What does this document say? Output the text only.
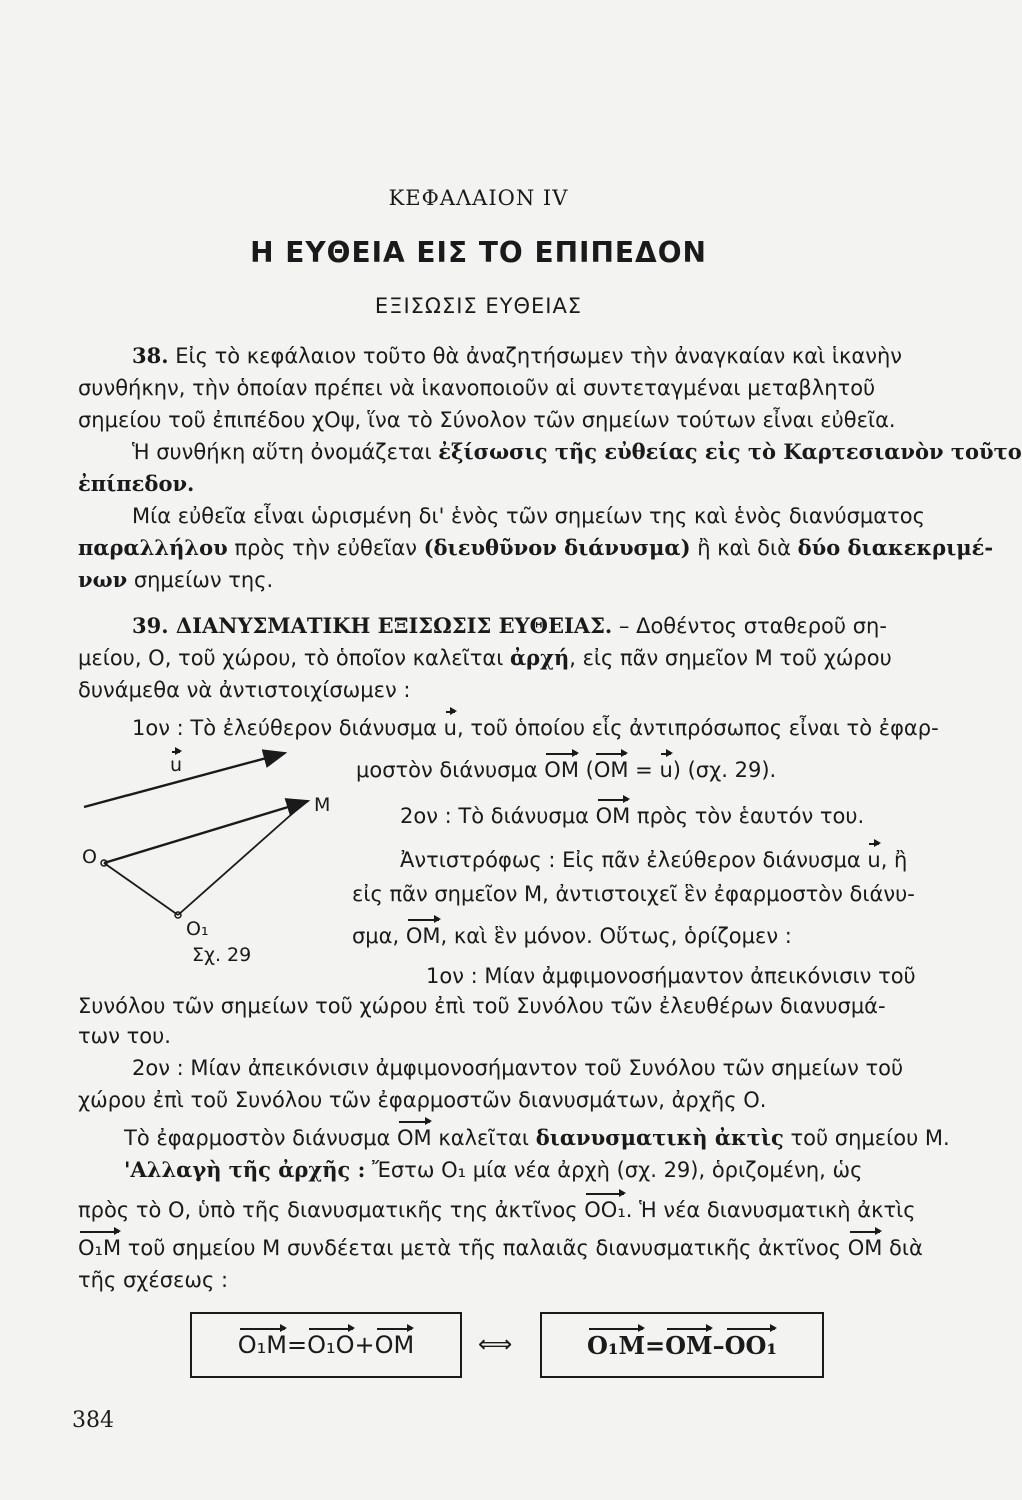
ΚΕΦΑΛΑΙΟΝ IV
Η ΕΥΘΕΙΑ ΕΙΣ ΤΟ ΕΠΙΠΕΔΟΝ
ΕΞΙΣΩΣΙΣ ΕΥΘΕΙΑΣ
38. Εἰς τὸ κεφάλαιον τοῦτο θὰ ἀναζητήσωμεν τὴν ἀναγκαίαν καὶ ἱκανὴν
συνθήκην, τὴν ὁποίαν πρέπει νὰ ἱκανοποιοῦν αἱ συντεταγμέναι μεταβλητοῦ
σημείου τοῦ ἐπιπέδου χΟψ, ἵνα τὸ Σύνολον τῶν σημείων τούτων εἶναι εὐθεῖα.
Ἡ συνθήκη αὕτη ὀνομάζεται ἐξίσωσις τῆς εὐθείας εἰς τὸ Καρτεσιανὸν τοῦτο
ἐπίπεδον.
Μία εὐθεῖα εἶναι ὡρισμένη δι' ἑνὸς τῶν σημείων της καὶ ἑνὸς διανύσματος
παραλλήλου πρὸς τὴν εὐθεῖαν (διευθῦνον διάνυσμα) ἢ καὶ διὰ δύο διακεκριμέ-
νων σημείων της.
39. ΔΙΑΝΥΣΜΑΤΙΚΗ ΕΞΙΣΩΣΙΣ ΕΥΘΕΙΑΣ. – Δοθέντος σταθεροῦ ση-
μείου, Ο, τοῦ χώρου, τὸ ὁποῖον καλεῖται ἀρχή, εἰς πᾶν σημεῖον Μ τοῦ χώρου
δυνάμεθα νὰ ἀντιστοιχίσωμεν :
1ον : Τὸ ἐλεύθερον διάνυσμα u, τοῦ ὁποίου εἷς ἀντιπρόσωπος εἶναι τὸ ἐφαρ-
μοστὸν διάνυσμα OM (OM = u) (σχ. 29).
2ον : Τὸ διάνυσμα OM πρὸς τὸν ἑαυτόν του.
Ἀντιστρόφως : Εἰς πᾶν ἐλεύθερον διάνυσμα u, ἢ
εἰς πᾶν σημεῖον Μ, ἀντιστοιχεῖ ἓν ἐφαρμοστὸν διάνυ-
σμα, OM, καὶ ἓν μόνον. Οὕτως, ὁρίζομεν :
1ον : Μίαν ἀμφιμονοσήμαντον ἀπεικόνισιν τοῦ
Συνόλου τῶν σημείων τοῦ χώρου ἐπὶ τοῦ Συνόλου τῶν ἐλευθέρων διανυσμά-
των του.
2ον : Μίαν ἀπεικόνισιν ἀμφιμονοσήμαντον τοῦ Συνόλου τῶν σημείων τοῦ
χώρου ἐπὶ τοῦ Συνόλου τῶν ἐφαρμοστῶν διανυσμάτων, ἀρχῆς Ο.
Τὸ ἐφαρμοστὸν διάνυσμα OM καλεῖται διανυσματικὴ ἀκτὶς τοῦ σημείου Μ.
'Αλλαγὴ τῆς ἀρχῆς : Ἔστω Ο₁ μία νέα ἀρχὴ (σχ. 29), ὁριζομένη, ὡς
πρὸς τὸ Ο, ὑπὸ τῆς διανυσματικῆς της ἀκτῖνος OO₁. Ἡ νέα διανυσματικὴ ἀκτὶς
O₁M τοῦ σημείου Μ συνδέεται μετὰ τῆς παλαιᾶς διανυσματικῆς ἀκτῖνος OM διὰ
τῆς σχέσεως :
u
M
O
O₁
Σχ. 29
O₁M = O₁O + OM	⟺	O₁M = OM – OO₁
384
